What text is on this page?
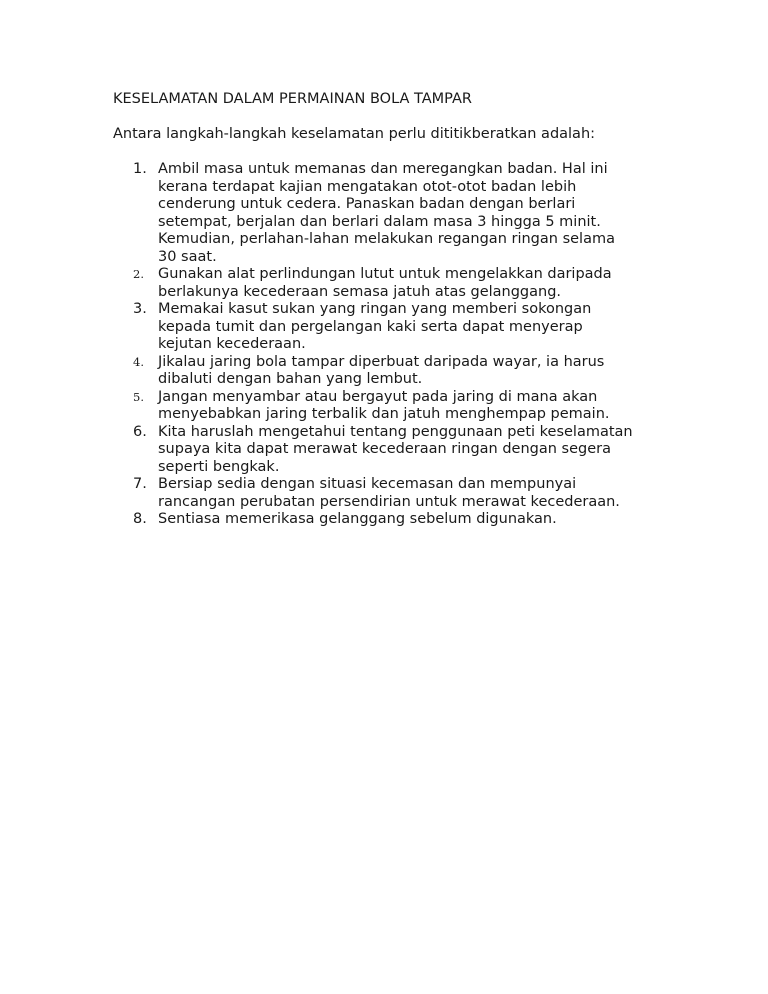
KESELAMATAN DALAM PERMAINAN BOLA TAMPAR
Antara langkah-langkah keselamatan perlu dititikberatkan adalah:
1. Ambil masa untuk memanas dan meregangkan badan. Hal ini
kerana terdapat kajian mengatakan otot-otot badan lebih
cenderung untuk cedera. Panaskan badan dengan berlari
setempat, berjalan dan berlari dalam masa 3 hingga 5 minit.
Kemudian, perlahan-lahan melakukan regangan ringan selama
30 saat.
2. Gunakan alat perlindungan lutut untuk mengelakkan daripada
berlakunya kecederaan semasa jatuh atas gelanggang.
3. Memakai kasut sukan yang ringan yang memberi sokongan
kepada tumit dan pergelangan kaki serta dapat menyerap
kejutan kecederaan.
4. Jikalau jaring bola tampar diperbuat daripada wayar, ia harus
dibaluti dengan bahan yang lembut.
5. Jangan menyambar atau bergayut pada jaring di mana akan
menyebabkan jaring terbalik dan jatuh menghempap pemain.
6. Kita haruslah mengetahui tentang penggunaan peti keselamatan
supaya kita dapat merawat kecederaan ringan dengan segera
seperti bengkak.
7. Bersiap sedia dengan situasi kecemasan dan mempunyai
rancangan perubatan persendirian untuk merawat kecederaan.
8. Sentiasa memerikasa gelanggang sebelum digunakan.
